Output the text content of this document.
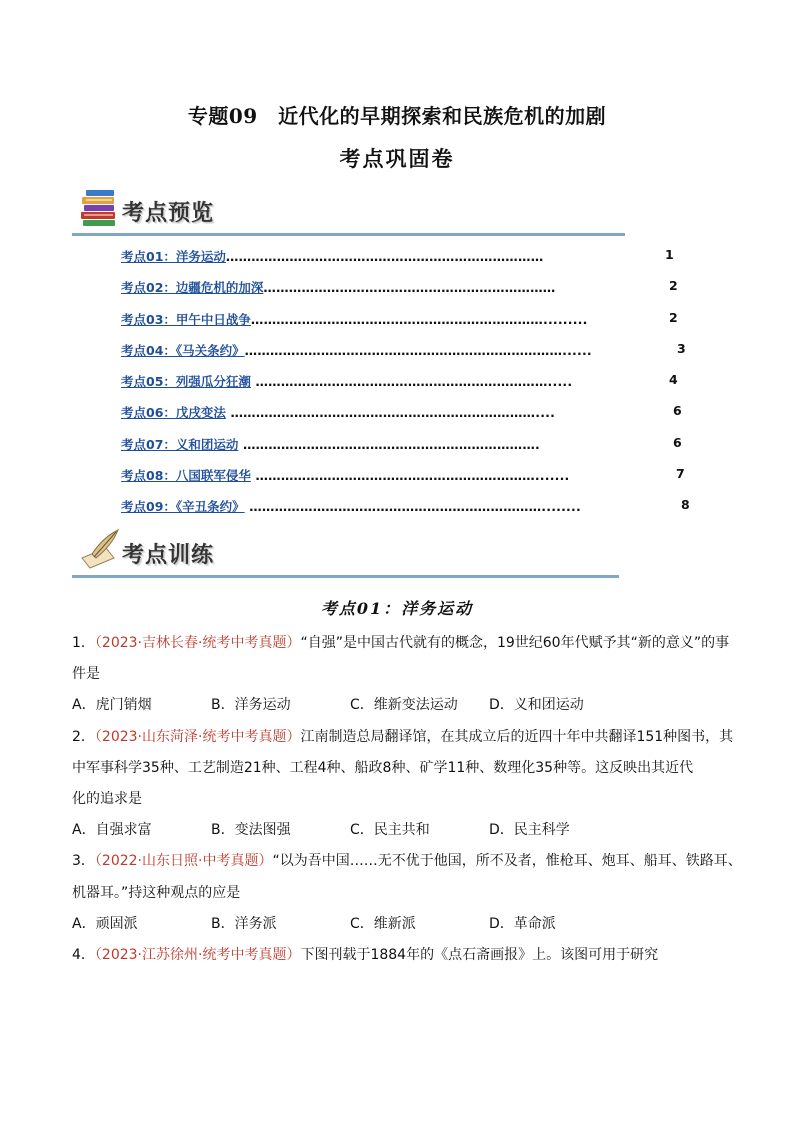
专题09　近代化的早期探索和民族危机的加剧
考点巩固卷
考点预览
考点01：洋务运动…………………………………………………………………	1
考点02：边疆危机的加深……………………………………………………………	2
考点03：甲午中日战争…………………………………………………………….........	2
考点04：《马关条约》…………………………………………………………………......	3
考点05：列强瓜分狂潮 …………………………………………………………….....	4
考点06：戊戌变法 ………………………………………………………………....	6
考点07：义和团运动 …………………………………………………………….	6
考点08：八国联军侵华 ………………………………………………………….......	7
考点09：《辛丑条约》 ……………………………………………………………........	8
考点训练
考点01：洋务运动
1．（2023·吉林长春·统考中考真题）“自强”是中国古代就有的概念，19世纪60年代赋予其“新的意义”的事
件是
A．虎门销烟	B．洋务运动	C．维新变法运动	D．义和团运动
2．（2023·山东菏泽·统考中考真题）江南制造总局翻译馆，在其成立后的近四十年中共翻译151种图书，其
中军事科学35种、工艺制造21种、工程4种、船政8种、矿学11种、数理化35种等。这反映出其近代
化的追求是
A．自强求富	B．变法图强	C．民主共和	D．民主科学
3．（2022·山东日照·中考真题）“以为吾中国……无不优于他国，所不及者，惟枪耳、炮耳、船耳、铁路耳、
机器耳。”持这种观点的应是
A．顽固派	B．洋务派	C．维新派	D．革命派
4．（2023·江苏徐州·统考中考真题）下图刊载于1884年的《点石斋画报》上。该图可用于研究
